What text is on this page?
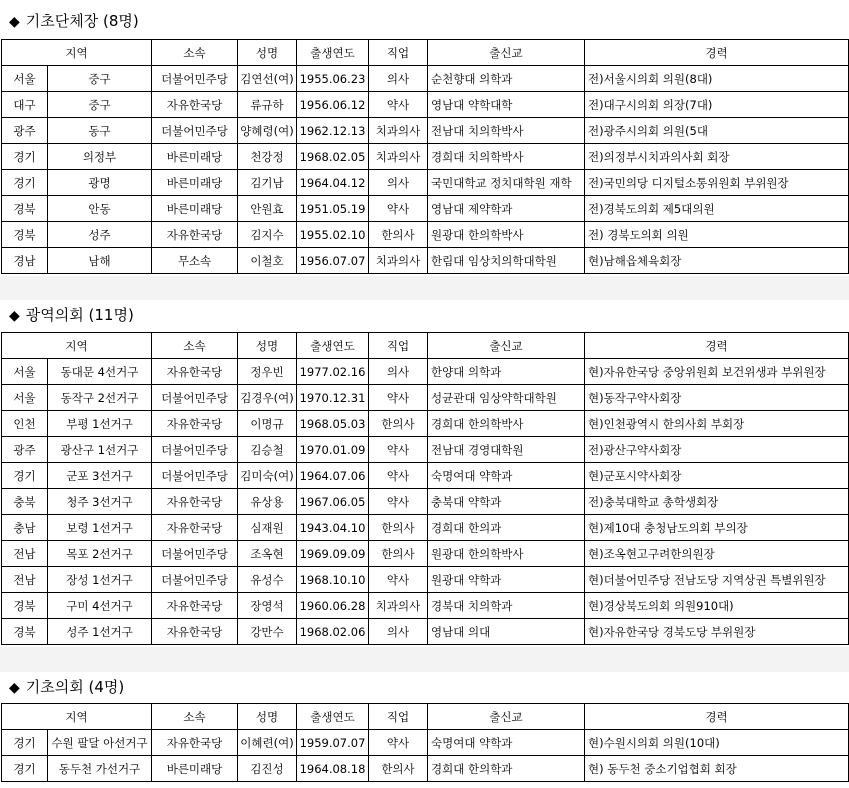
◆ 기초단체장 (8명)
지역		소속	성명	출생연도	직업	출신교	경력
서울	중구	더불어민주당	김연선(여)	1955.06.23	의사	순천향대 의학과	전)서울시의회 의원(8대)
대구	중구	자유한국당	류규하	1956.06.12	약사	영남대 약학대학	전)대구시의회 의장(7대)
광주	동구	더불어민주당	양혜령(여)	1962.12.13	치과의사	전남대 치의학박사	전)광주시의회 의원(5대
경기	의정부	바른미래당	천강정	1968.02.05	치과의사	경희대 치의학박사	전)의정부시치과의사회 회장
경기	광명	바른미래당	김기남	1964.04.12	의사	국민대학교 정치대학원 재학	전)국민의당 디지털소통위원회 부위원장
경북	안동	바른미래당	안원효	1951.05.19	약사	영남대 제약학과	전)경북도의회 제5대의원
경북	성주	자유한국당	김지수	1955.02.10	한의사	원광대 한의학박사	전) 경북도의회 의원
경남	남해	무소속	이철호	1956.07.07	치과의사	한림대 임상치의학대학원	현)남해읍체육회장
◆ 광역의회 (11명)
지역		소속	성명	출생연도	직업	출신교	경력
서울	동대문 4선거구	자유한국당	정우빈	1977.02.16	의사	한양대 의학과	현)자유한국당 중앙위원회 보건위생과 부위원장
서울	동작구 2선거구	더불어민주당	김경우(여)	1970.12.31	약사	성균관대 임상약학대학원	현)동작구약사회장
인천	부평 1선거구	자유한국당	이명규	1968.05.03	한의사	경희대 한의학박사	현)인천광역시 한의사회 부회장
광주	광산구 1선거구	더불어민주당	김승철	1970.01.09	약사	전남대 경영대학원	전)광산구약사회장
경기	군포 3선거구	더불어민주당	김미숙(여)	1964.07.06	약사	숙명여대 약학과	현)군포시약사회장
충북	청주 3선거구	자유한국당	유상용	1967.06.05	약사	충북대 약학과	전)충북대학교 총학생회장
충남	보령 1선거구	자유한국당	심재원	1943.04.10	한의사	경희대 한의과	현)제10대 충청남도의회 부의장
전남	목포 2선거구	더불어민주당	조옥현	1969.09.09	한의사	원광대 한의학박사	현)조옥현고구려한의원장
전남	장성 1선거구	더불어민주당	유성수	1968.10.10	약사	원광대 약학과	현)더불어민주당 전남도당 지역상권 특별위원장
경북	구미 4선거구	자유한국당	장영석	1960.06.28	치과의사	경북대 치의학과	현)경상북도의회 의원910대)
경북	성주 1선거구	자유한국당	강만수	1968.02.06	의사	영남대 의대	현)자유한국당 경북도당 부위원장
◆ 기초의회 (4명)
지역		소속	성명	출생연도	직업	출신교	경력
경기	수원 팔달 아선거구	자유한국당	이혜련(여)	1959.07.07	약사	숙명여대 약학과	현)수원시의회 의원(10대)
경기	동두천 가선거구	바른미래당	김진성	1964.08.18	한의사	경희대 한의학과	현) 동두천 중소기업협회 회장
